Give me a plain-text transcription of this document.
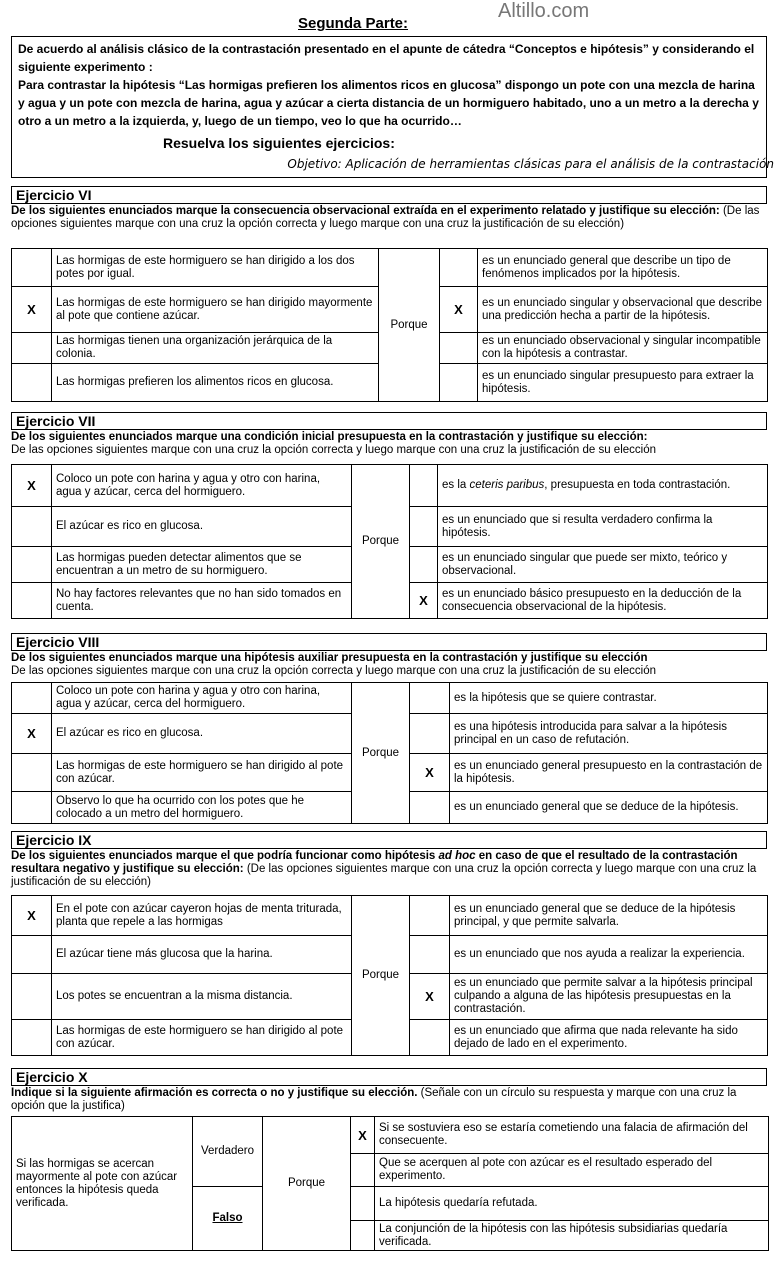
Altillo.com
Segunda Parte:

De acuerdo al análisis clásico de la contrastación presentado en el apunte de cátedra “Conceptos e hipótesis” y considerando el siguiente experimento :

Para contrastar la hipótesis “Las hormigas prefieren los alimentos ricos en glucosa” dispongo un pote con una mezcla de harina y agua y un pote con mezcla de harina, agua y azúcar a cierta distancia de un hormiguero habitado, uno a un metro a la derecha y otro a un metro a la izquierda, y, luego de un tiempo, veo lo que ha ocurrido…

Resuelva los siguientes ejercicios:
Objetivo: Aplicación de herramientas clásicas para el análisis de la contrastación
Ejercicio VI
De los siguientes enunciados marque la consecuencia observacional extraída en el experimento relatado y justifique su elección: (De las opciones siguientes marque con una cruz la opción correcta y luego marque con una cruz la justificación de su elección)
	Las hormigas de este hormiguero se han dirigido a los dos potes por igual.	Porque		es un enunciado general que describe un tipo de fenómenos implicados por la hipótesis.
X	Las hormigas de este hormiguero se han dirigido mayormente al pote que contiene azúcar.		X	es un enunciado singular y observacional que describe una predicción hecha a partir de la hipótesis.
	Las hormigas tienen una organización jerárquica de la colonia.			es un enunciado observacional y singular incompatible con la hipótesis a contrastar.
	Las hormigas prefieren los alimentos ricos en glucosa.			es un enunciado singular presupuesto para extraer la hipótesis.
Ejercicio VII
De los siguientes enunciados marque una condición inicial presupuesta en la contrastación y justifique su elección:
De las opciones siguientes marque con una cruz la opción correcta y luego marque con una cruz la justificación de su elección
X	Coloco un pote con harina y agua y otro con harina, agua y azúcar, cerca del hormiguero.	Porque		es la ceteris paribus, presupuesta en toda contrastación.
	El azúcar es rico en glucosa.			es un enunciado que si resulta verdadero confirma la hipótesis.
	Las hormigas pueden detectar alimentos que se encuentran a un metro de su hormiguero.			es un enunciado singular que puede ser mixto, teórico y observacional.
	No hay factores relevantes que no han sido tomados en cuenta.		X	es un enunciado básico presupuesto en la deducción de la consecuencia observacional de la hipótesis.
Ejercicio VIII
De los siguientes enunciados marque una hipótesis auxiliar presupuesta en la contrastación y justifique su elección
De las opciones siguientes marque con una cruz la opción correcta y luego marque con una cruz la justificación de su elección
	Coloco un pote con harina y agua y otro con harina, agua y azúcar, cerca del hormiguero.	Porque		es la hipótesis que se quiere contrastar.
X	El azúcar es rico en glucosa.			es una hipótesis introducida para salvar a la hipótesis principal en un caso de refutación.
	Las hormigas de este hormiguero se han dirigido al pote con azúcar.		X	es un enunciado general presupuesto en la contrastación de la hipótesis.
	Observo lo que ha ocurrido con los potes que he colocado a un metro del hormiguero.			es un enunciado general que se deduce de la hipótesis.
Ejercicio IX
De los siguientes enunciados marque el que podría funcionar como hipótesis ad hoc en caso de que el resultado de la contrastación resultara negativo y justifique su elección: (De las opciones siguientes marque con una cruz la opción correcta y luego marque con una cruz la justificación de su elección)
X	En el pote con azúcar cayeron hojas de menta triturada, planta que repele a las hormigas	Porque		es un enunciado general que se deduce de la hipótesis principal, y que permite salvarla.
	El azúcar tiene más glucosa que la harina.			es un enunciado que nos ayuda a realizar la experiencia.
	Los potes se encuentran a la misma distancia.		X	es un enunciado que permite salvar a la hipótesis principal culpando a alguna de las hipótesis presupuestas en la contrastación.
	Las hormigas de este hormiguero se han dirigido al pote con azúcar.			es un enunciado que afirma que nada relevante ha sido dejado de lado en el experimento.
Ejercicio X
Indique si la siguiente afirmación es correcta o no y justifique su elección. (Señale con un círculo su respuesta y marque con una cruz la opción que la justifica)
Si las hormigas se acercan mayormente al pote con azúcar entonces la hipótesis queda verificada.	Verdadero	Porque	X	Si se sostuviera eso se estaría cometiendo una falacia de afirmación del consecuente.
				Que se acerquen al pote con azúcar es el resultado esperado del experimento.
	Falso			La hipótesis quedaría refutada.
				La conjunción de la hipótesis con las hipótesis subsidiarias quedaría verificada.
